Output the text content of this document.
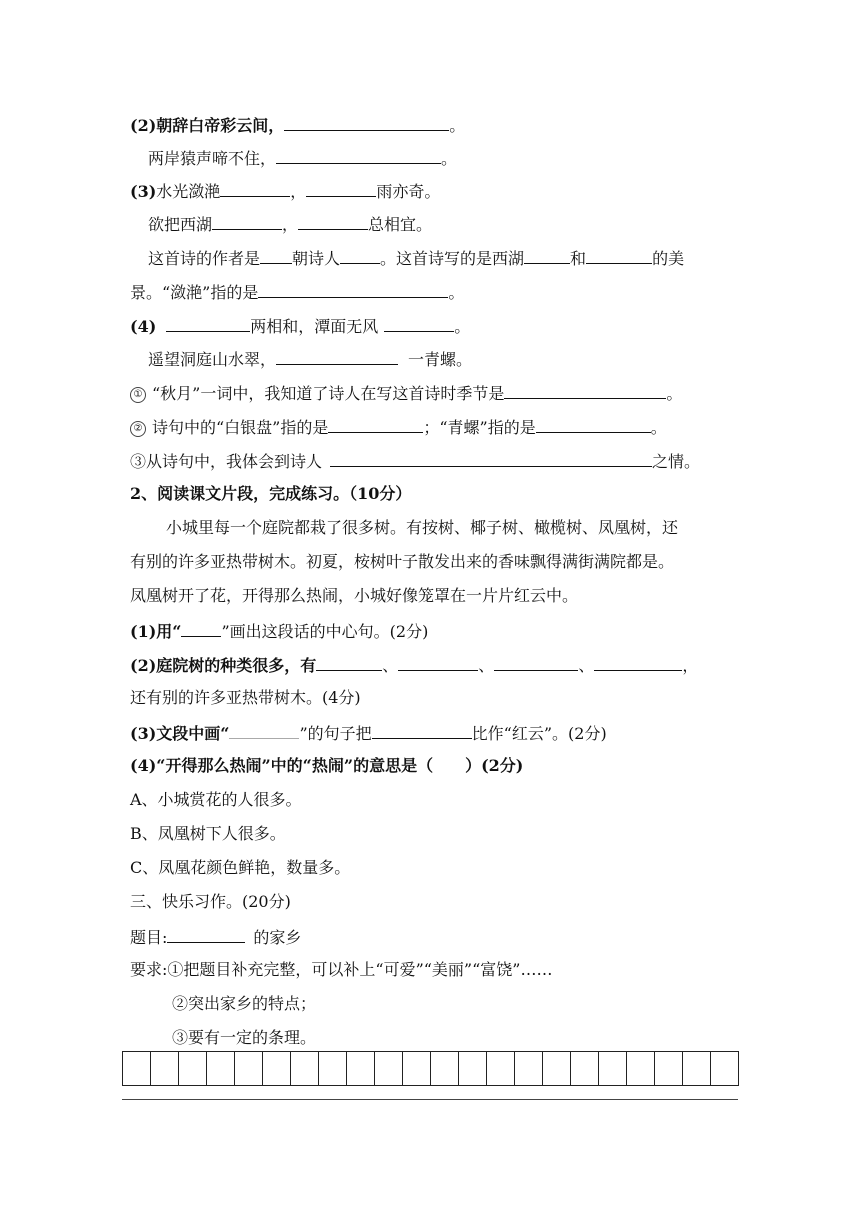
(2)朝辞白帝彩云间，	。
两岸猿声啼不住，	。
(3)水光潋滟	，	雨亦奇。
欲把西湖	，	总相宜。
这首诗的作者是 朝诗人	。这首诗写的是西湖	和	的美
景。“潋滟”指的是	。
(4)	两相和，潭面无风	。
遥望洞庭山水翠，	一青螺。
① “秋月”一词中，我知道了诗人在写这首诗时季节是	。
② 诗句中的“白银盘”指的是	；“青螺”指的是	。
③从诗句中，我体会到诗人	之情。
2、阅读课文片段，完成练习。（10分）
小城里每一个庭院都栽了很多树。有按树、椰子树、橄榄树、凤凰树，还
有别的许多亚热带树木。初夏，桉树叶子散发出来的香味飘得满街满院都是。
凤凰树开了花，开得那么热闹，小城好像笼罩在一片片红云中。
(1)用“	”画出这段话的中心句。(2分)
(2)庭院树的种类很多，有	、	、	、	，
还有别的许多亚热带树木。(4分)
(3)文段中画“	”的句子把	比作“红云”。(2分)
(4)“开得那么热闹”中的“热闹”的意思是（　　）(2分)
A、小城赏花的人很多。
B、凤凰树下人很多。
C、凤凰花颜色鲜艳，数量多。
三、快乐习作。(20分)
题目:	的家乡
要求:①把题目补充完整，可以补上“可爱”“美丽”“富饶”……
②突出家乡的特点；
③要有一定的条理。
